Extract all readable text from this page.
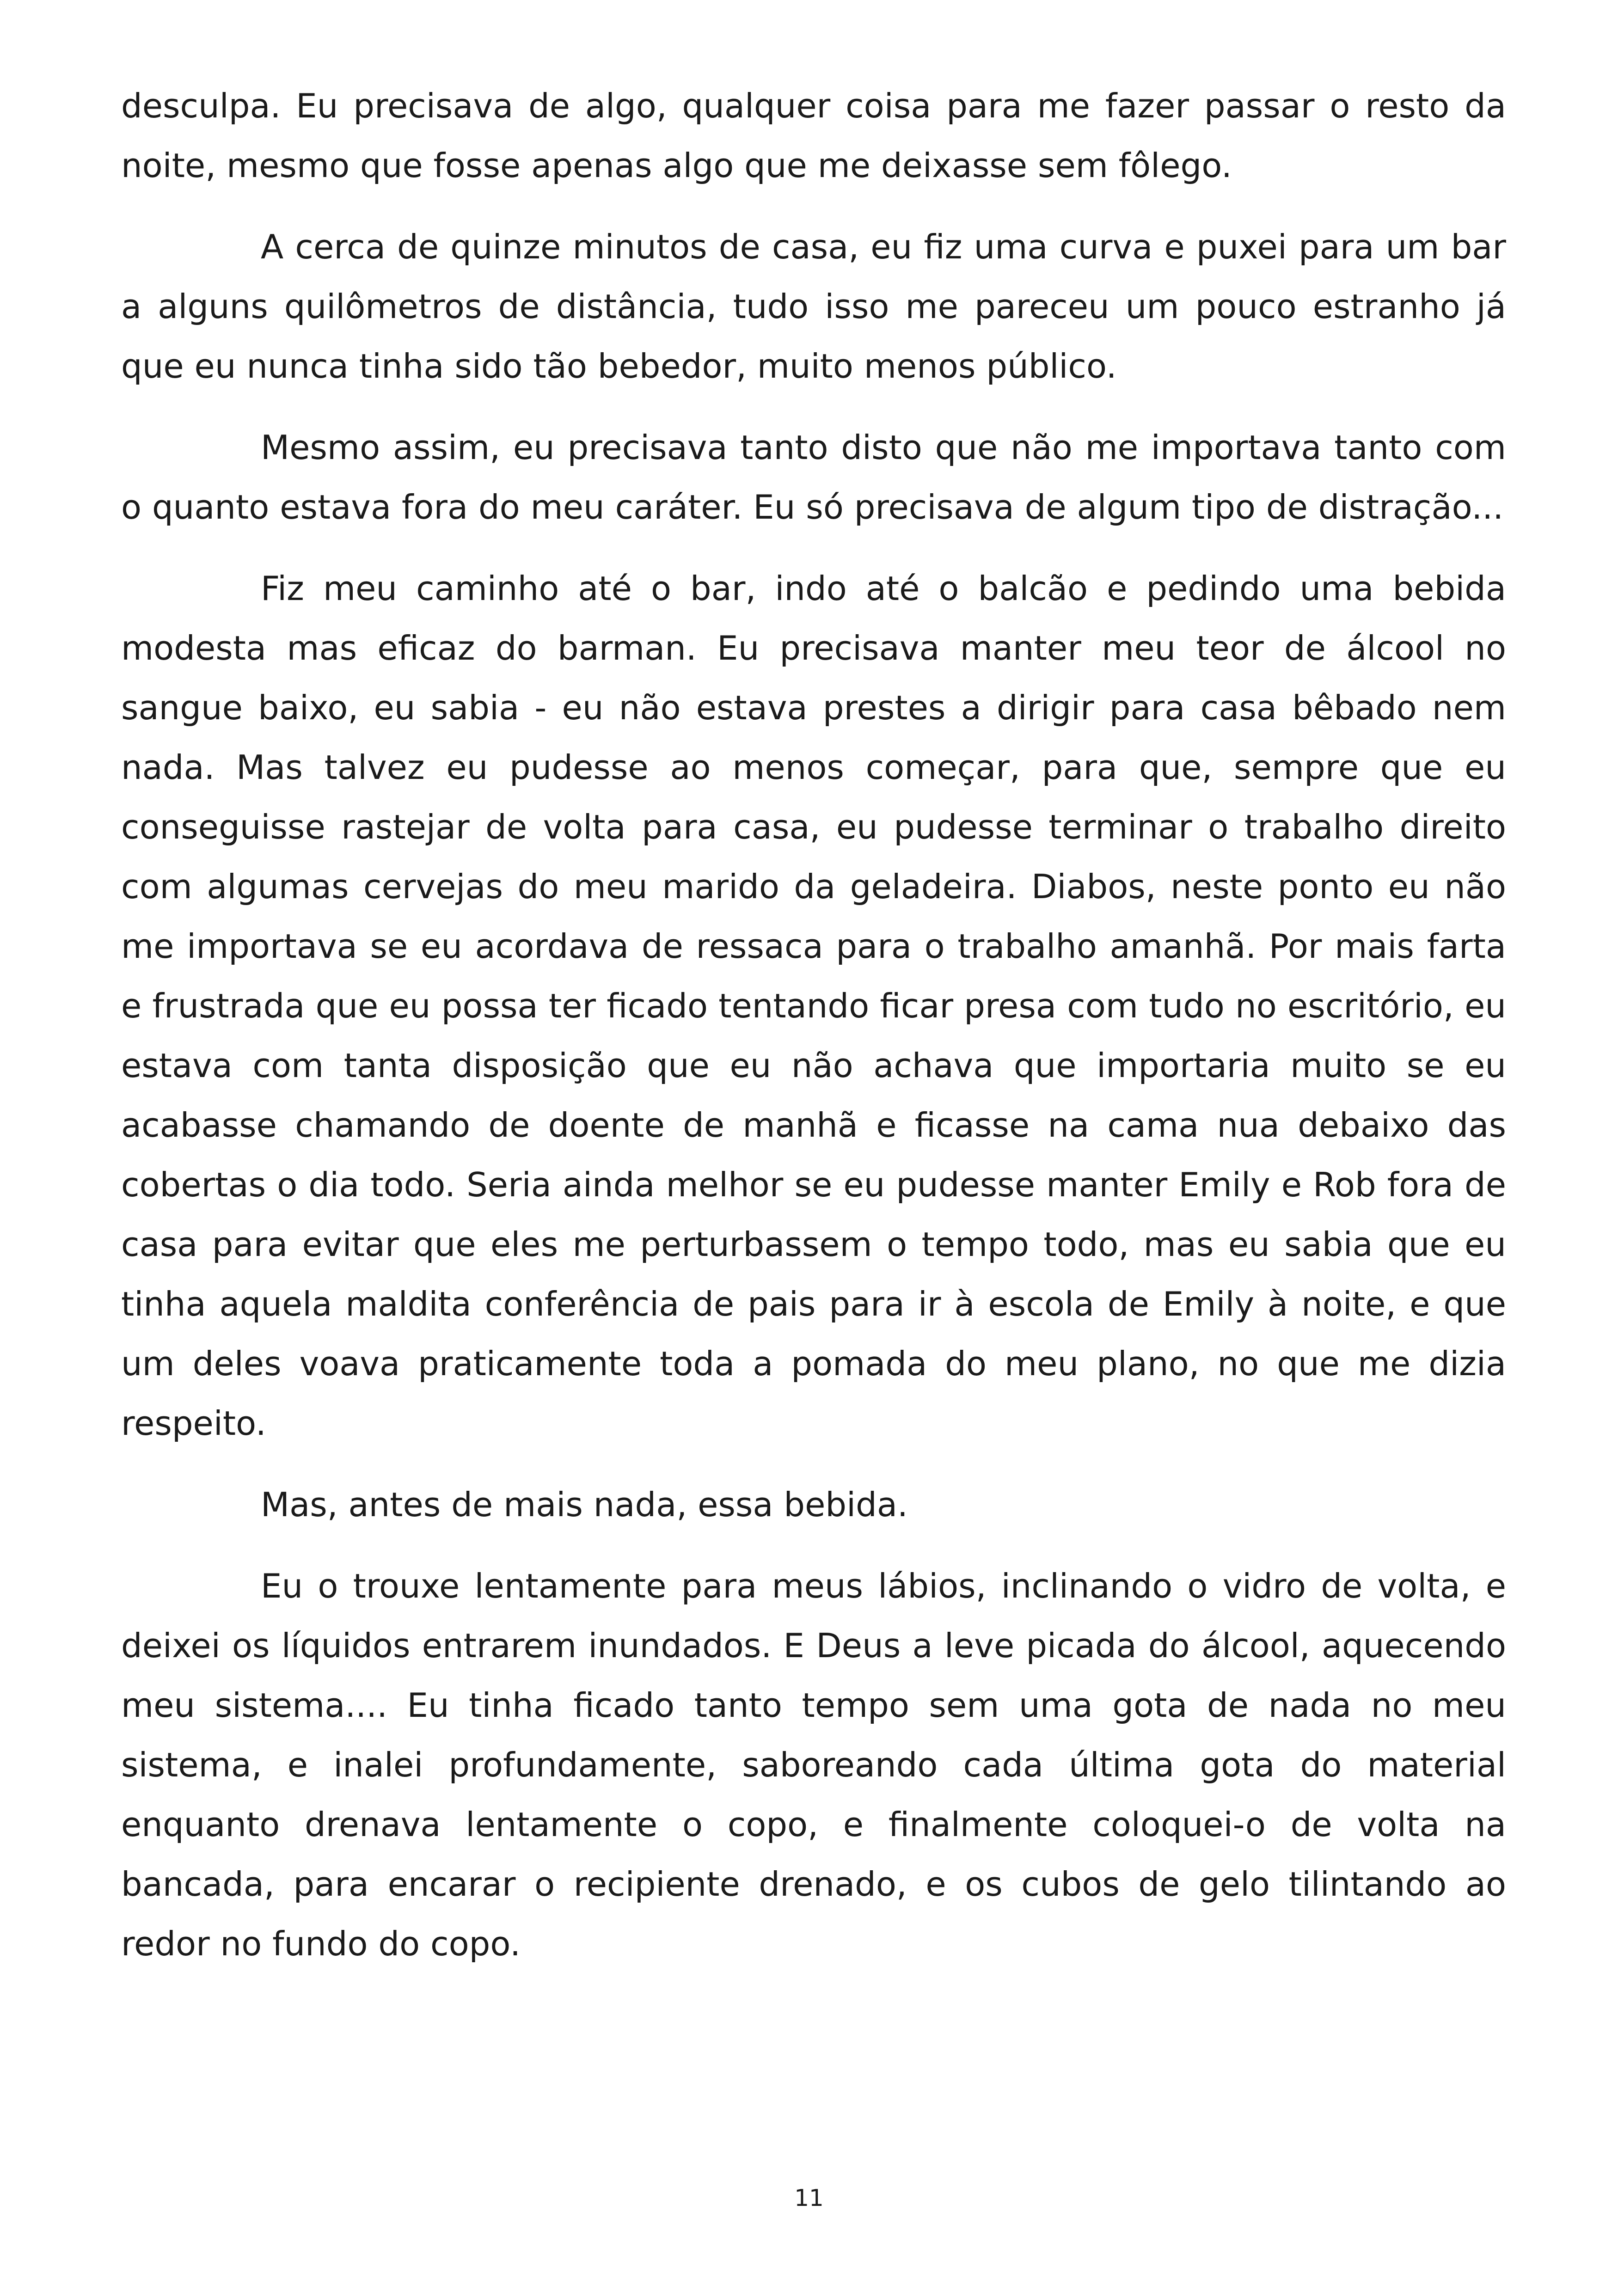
desculpa. Eu precisava de algo, qualquer coisa para me fazer passar o resto da noite, mesmo que fosse apenas algo que me deixasse sem fôlego.

A cerca de quinze minutos de casa, eu fiz uma curva e puxei para um bar a alguns quilômetros de distância, tudo isso me pareceu um pouco estranho já que eu nunca tinha sido tão bebedor, muito menos público.

Mesmo assim, eu precisava tanto disto que não me importava tanto com o quanto estava fora do meu caráter. Eu só precisava de algum tipo de distração...

Fiz meu caminho até o bar, indo até o balcão e pedindo uma bebida modesta mas eficaz do barman. Eu precisava manter meu teor de álcool no sangue baixo, eu sabia - eu não estava prestes a dirigir para casa bêbado nem nada. Mas talvez eu pudesse ao menos começar, para que, sempre que eu conseguisse rastejar de volta para casa, eu pudesse terminar o trabalho direito com algumas cervejas do meu marido da geladeira. Diabos, neste ponto eu não me importava se eu acordava de ressaca para o trabalho amanhã. Por mais farta e frustrada que eu possa ter ficado tentando ficar presa com tudo no escritório, eu estava com tanta disposição que eu não achava que importaria muito se eu acabasse chamando de doente de manhã e ficasse na cama nua debaixo das cobertas o dia todo. Seria ainda melhor se eu pudesse manter Emily e Rob fora de casa para evitar que eles me perturbassem o tempo todo, mas eu sabia que eu tinha aquela maldita conferência de pais para ir à escola de Emily à noite, e que um deles voava praticamente toda a pomada do meu plano, no que me dizia respeito.

Mas, antes de mais nada, essa bebida.

Eu o trouxe lentamente para meus lábios, inclinando o vidro de volta, e deixei os líquidos entrarem inundados. E Deus a leve picada do álcool, aquecendo meu sistema.... Eu tinha ficado tanto tempo sem uma gota de nada no meu sistema, e inalei profundamente, saboreando cada última gota do material enquanto drenava lentamente o copo, e finalmente coloquei-o de volta na bancada, para encarar o recipiente drenado, e os cubos de gelo tilintando ao redor no fundo do copo.

11
